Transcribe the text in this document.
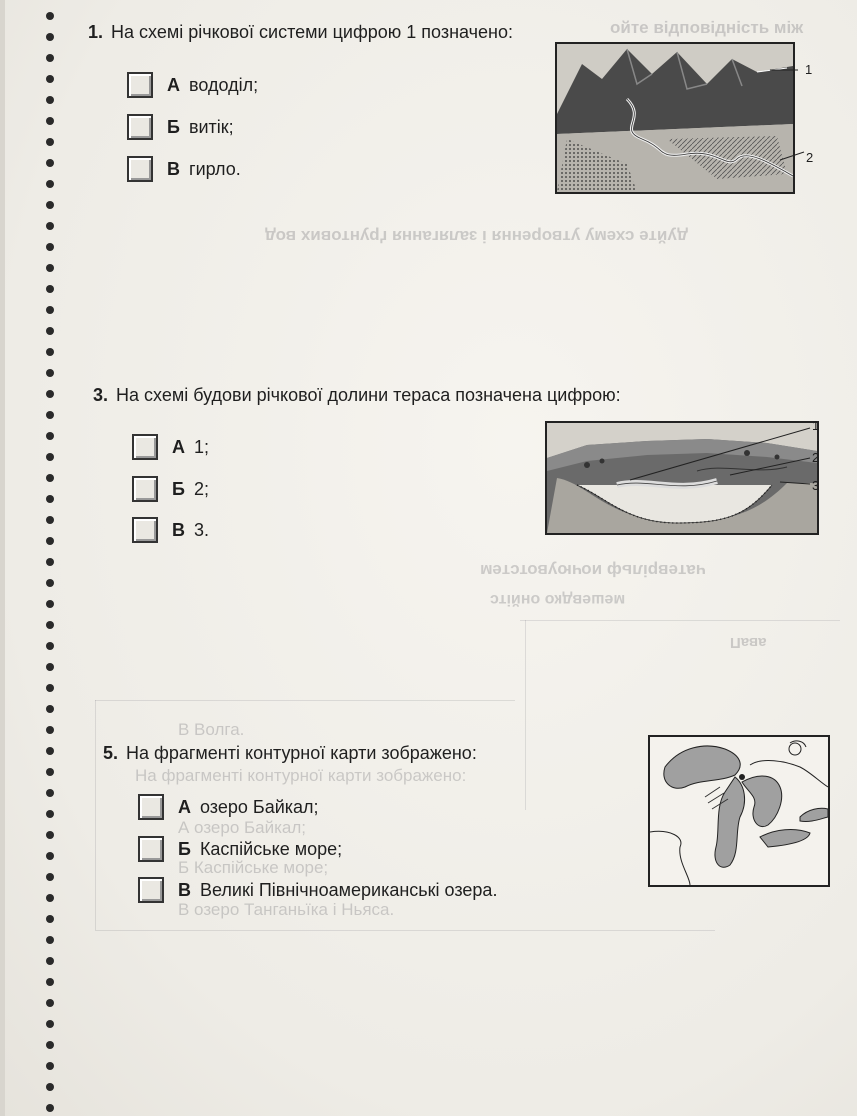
ойте відповідність між
дуйте схему утворення і залягання ґрунтових вод
чатеврільф иочюувотстем
мешевдко онйітс
аваП
В Волга.
На фрагменті контурної карти зображено:
А озеро Байкал;
Б Каспійське море;
В озеро Танганьїка і Ньяса.
1. На схемі річкової системи цифрою 1 позначено:
А вододіл;
Б витік;
В гирло.
1
2
3. На схемі будови річкової долини тераса позначена цифрою:
А 1;
Б 2;
В 3.
1
2
3
5. На фрагменті контурної карти зображено:
А озеро Байкал;
Б Каспійське море;
В Великі Північноамериканські озера.
